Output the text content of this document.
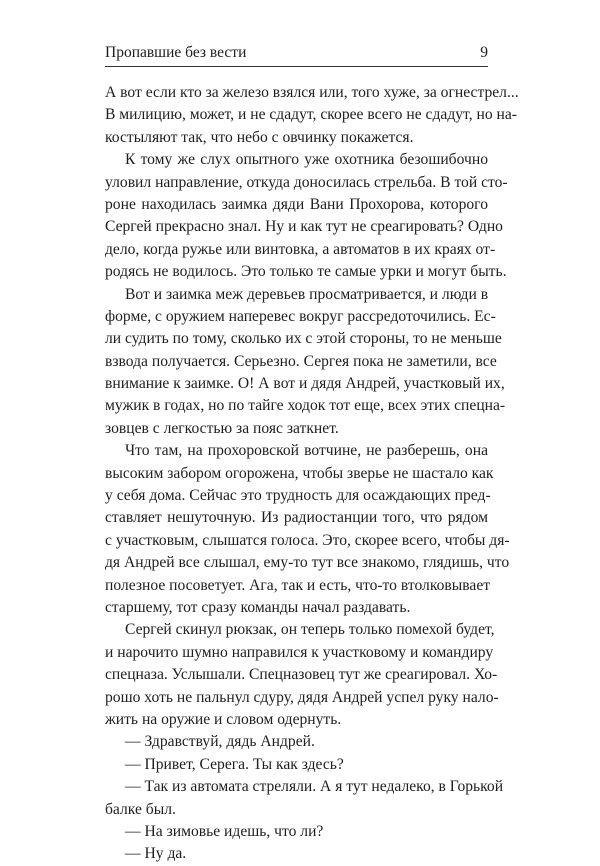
Пропавшие без вести	9
А вот если кто за железо взялся или, того хуже, за огнестрел...
В милицию, может, и не сдадут, скорее всего не сдадут, но на-
костыляют так, что небо с овчинку покажется.
К тому же слух опытного уже охотника безошибочно
уловил направление, откуда доносилась стрельба. В той сто-
роне находилась заимка дяди Вани Прохорова, которого
Сергей прекрасно знал. Ну и как тут не среагировать? Одно
дело, когда ружье или винтовка, а автоматов в их краях от-
родясь не водилось. Это только те самые урки и могут быть.
Вот и заимка меж деревьев просматривается, и люди в
форме, с оружием наперевес вокруг рассредоточились. Ес-
ли судить по тому, сколько их с этой стороны, то не меньше
взвода получается. Серьезно. Сергея пока не заметили, все
внимание к заимке. О! А вот и дядя Андрей, участковый их,
мужик в годах, но по тайге ходок тот еще, всех этих спецна-
зовцев с легкостью за пояс заткнет.
Что там, на прохоровской вотчине, не разберешь, она
высоким забором огорожена, чтобы зверье не шастало как
у себя дома. Сейчас это трудность для осаждающих пред-
ставляет нешуточную. Из радиостанции того, что рядом
с участковым, слышатся голоса. Это, скорее всего, чтобы дя-
дя Андрей все слышал, ему-то тут все знакомо, глядишь, что
полезное посоветует. Ага, так и есть, что-то втолковывает
старшему, тот сразу команды начал раздавать.
Сергей скинул рюкзак, он теперь только помехой будет,
и нарочито шумно направился к участковому и командиру
спецназа. Услышали. Спецназовец тут же среагировал. Хо-
рошо хоть не пальнул сдуру, дядя Андрей успел руку нало-
жить на оружие и словом одернуть.
— Здравствуй, дядь Андрей.
— Привет, Серега. Ты как здесь?
— Так из автомата стреляли. А я тут недалеко, в Горькой
балке был.
— На зимовье идешь, что ли?
— Ну да.
